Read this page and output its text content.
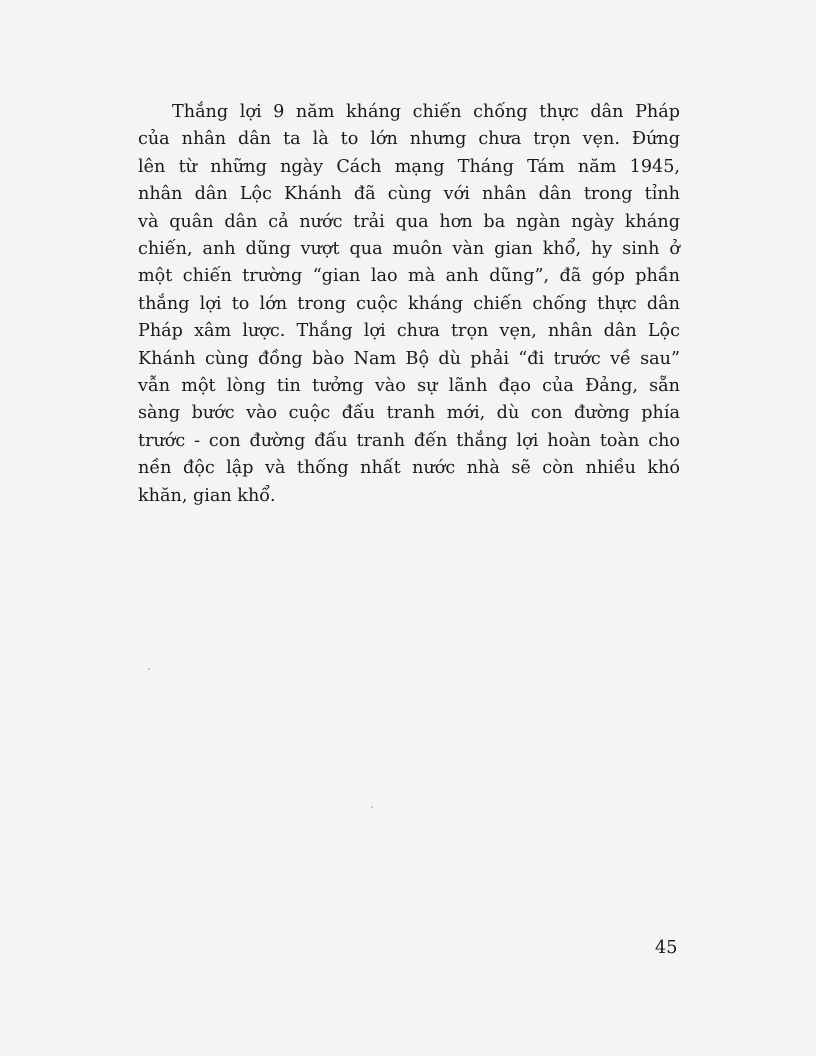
Thắng lợi 9 năm kháng chiến chống thực dân Pháp
của nhân dân ta là to lớn nhưng chưa trọn vẹn. Đứng
lên từ những ngày Cách mạng Tháng Tám năm 1945,
nhân dân Lộc Khánh đã cùng với nhân dân trong tỉnh
và quân dân cả nước trải qua hơn ba ngàn ngày kháng
chiến, anh dũng vượt qua muôn vàn gian khổ, hy sinh ở
một chiến trường “gian lao mà anh dũng”, đã góp phần
thắng lợi to lớn trong cuộc kháng chiến chống thực dân
Pháp xâm lược. Thắng lợi chưa trọn vẹn, nhân dân Lộc
Khánh cùng đồng bào Nam Bộ dù phải “đi trước về sau”
vẫn một lòng tin tưởng vào sự lãnh đạo của Đảng, sẵn
sàng bước vào cuộc đấu tranh mới, dù con đường phía
trước - con đường đấu tranh đến thắng lợi hoàn toàn cho
nền độc lập và thống nhất nước nhà sẽ còn nhiều khó
khăn, gian khổ.
45
